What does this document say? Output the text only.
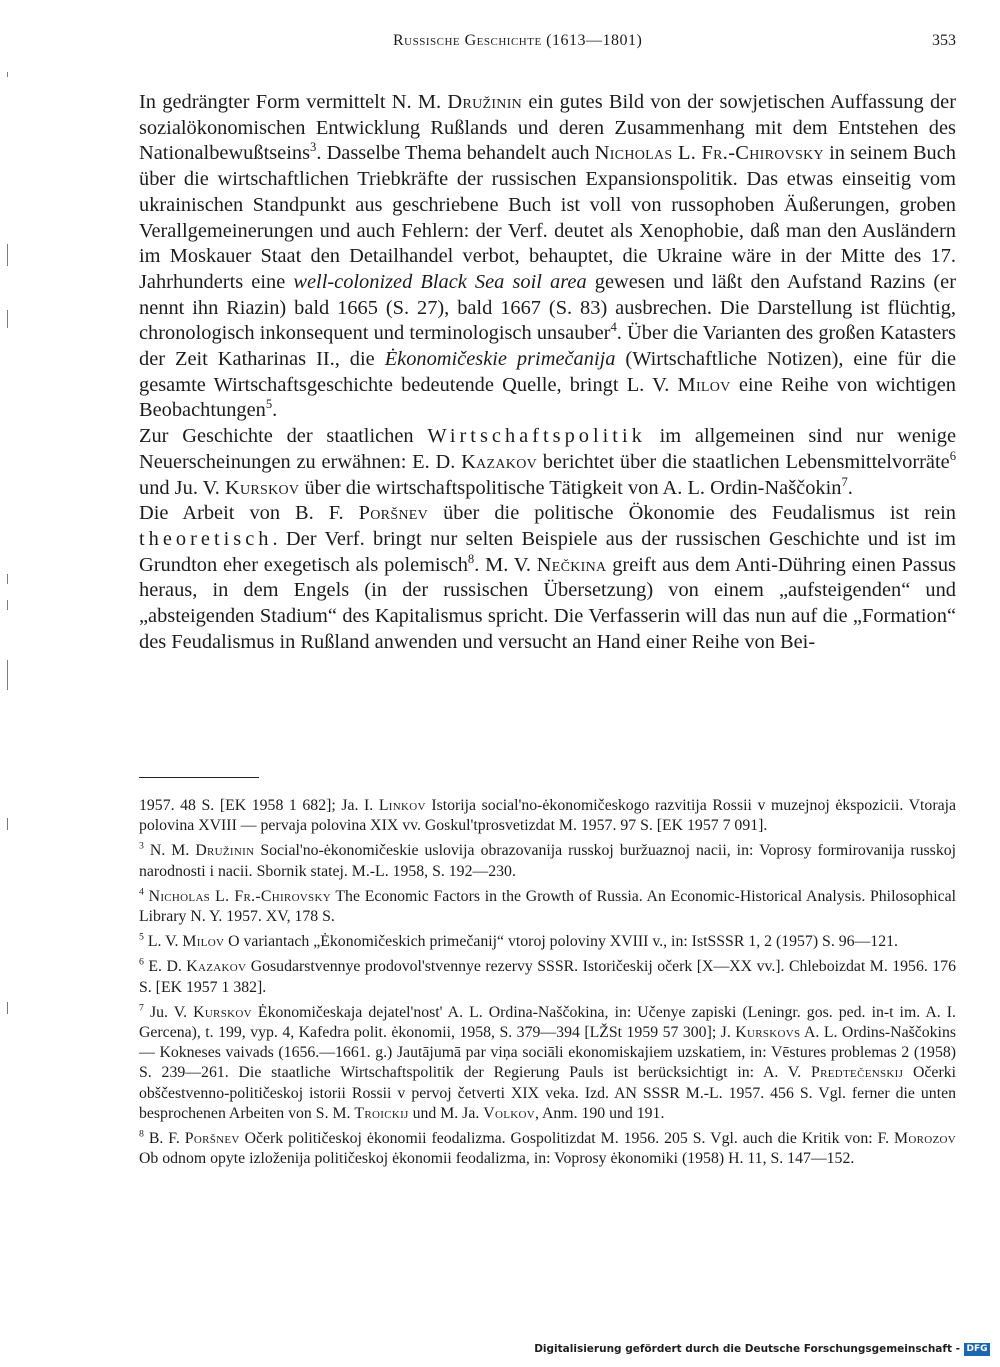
Russische Geschichte (1613—1801)	353

In gedrängter Form vermittelt N. M. Družinin ein gutes Bild von der sowjetischen Auffassung der sozialökonomischen Entwicklung Rußlands und deren Zusammenhang mit dem Entstehen des Nationalbewußtseins$^3$. Dasselbe Thema behandelt auch Nicholas L. Fr.-Chirovsky in seinem Buch über die wirtschaftlichen Triebkräfte der russischen Expansionspolitik. Das etwas einseitig vom ukrainischen Standpunkt aus geschriebene Buch ist voll von russophoben Äußerungen, groben Verallgemeinerungen und auch Fehlern: der Verf. deutet als Xenophobie, daß man den Ausländern im Moskauer Staat den Detailhandel verbot, behauptet, die Ukraine wäre in der Mitte des 17. Jahrhunderts eine well-colonized Black Sea soil area gewesen und läßt den Aufstand Razins (er nennt ihn Riazin) bald 1665 (S. 27), bald 1667 (S. 83) ausbrechen. Die Darstellung ist flüchtig, chronologisch inkonsequent und terminologisch unsauber$^4$. Über die Varianten des großen Katasters der Zeit Katharinas II., die Ėkonomičeskie primečanija (Wirtschaftliche Notizen), eine für die gesamte Wirtschaftsgeschichte bedeutende Quelle, bringt L. V. Milov eine Reihe von wichtigen Beobachtungen$^5$.

Zur Geschichte der staatlichen Wirtschaftspolitik im allgemeinen sind nur wenige Neuerscheinungen zu erwähnen: E. D. Kazakov berichtet über die staatlichen Lebensmittelvorräte$^6$ und Ju. V. Kurskov über die wirtschaftspolitische Tätigkeit von A. L. Ordin-Naščokin$^7$.

Die Arbeit von B. F. Poršnev über die politische Ökonomie des Feudalismus ist rein theoretisch. Der Verf. bringt nur selten Beispiele aus der russischen Geschichte und ist im Grundton eher exegetisch als polemisch$^8$. M. V. Nečkina greift aus dem Anti-Dühring einen Passus heraus, in dem Engels (in der russischen Übersetzung) von einem „aufsteigenden“ und „absteigenden Stadium“ des Kapitalismus spricht. Die Verfasserin will das nun auf die „Formation“ des Feudalismus in Rußland anwenden und versucht an Hand einer Reihe von Bei-

1957. 48 S. [EK 1958 1 682]; Ja. I. Linkov Istorija social'no-ėkonomičeskogo razvitija Rossii v muzejnoj ėkspozicii. Vtoraja polovina XVIII — pervaja polovina XIX vv. Goskul'tprosvetizdat M. 1957. 97 S. [EK 1957 7 091].

$^3$ N. M. Družinin Social'no-ėkonomičeskie uslovija obrazovanija russkoj buržuaznoj nacii, in: Voprosy formirovanija russkoj narodnosti i nacii. Sbornik statej. M.-L. 1958, S. 192—230.

$^4$ Nicholas L. Fr.-Chirovsky The Economic Factors in the Growth of Russia. An Economic-Historical Analysis. Philosophical Library N. Y. 1957. XV, 178 S.

$^5$ L. V. Milov O variantach „Ėkonomičeskich primečanij“ vtoroj poloviny XVIII v., in: IstSSSR 1, 2 (1957) S. 96—121.

$^6$ E. D. Kazakov Gosudarstvennye prodovol'stvennye rezervy SSSR. Istoričeskij očerk [X—XX vv.]. Chleboizdat M. 1956. 176 S. [EK 1957 1 382].

$^7$ Ju. V. Kurskov Ėkonomičeskaja dejatel'nost' A. L. Ordina-Naščokina, in: Učenye zapiski (Leningr. gos. ped. in-t im. A. I. Gercena), t. 199, vyp. 4, Kafedra polit. ėkonomii, 1958, S. 379—394 [LŽSt 1959 57 300]; J. Kurskovs A. L. Ordins-Naščokins — Kokneses vaivads (1656.—1661. g.) Jautājumā par viņa sociāli ekonomiskajiem uzskatiem, in: Vēstures problemas 2 (1958) S. 239—261. Die staatliche Wirtschaftspolitik der Regierung Pauls ist berücksichtigt in: A. V. Predtečenskij Očerki obščestvenno-političeskoj istorii Rossii v pervoj četverti XIX veka. Izd. AN SSSR M.-L. 1957. 456 S. Vgl. ferner die unten besprochenen Arbeiten von S. M. Troickij und M. Ja. Volkov, Anm. 190 und 191.

$^8$ B. F. Poršnev Očerk političeskoj ėkonomii feodalizma. Gospolitizdat M. 1956. 205 S. Vgl. auch die Kritik von: F. Morozov Ob odnom opyte izloženija političeskoj ėkonomii feodalizma, in: Voprosy ėkonomiki (1958) H. 11, S. 147—152.

Digitalisierung gefördert durch die Deutsche Forschungsgemeinschaft - DFG
